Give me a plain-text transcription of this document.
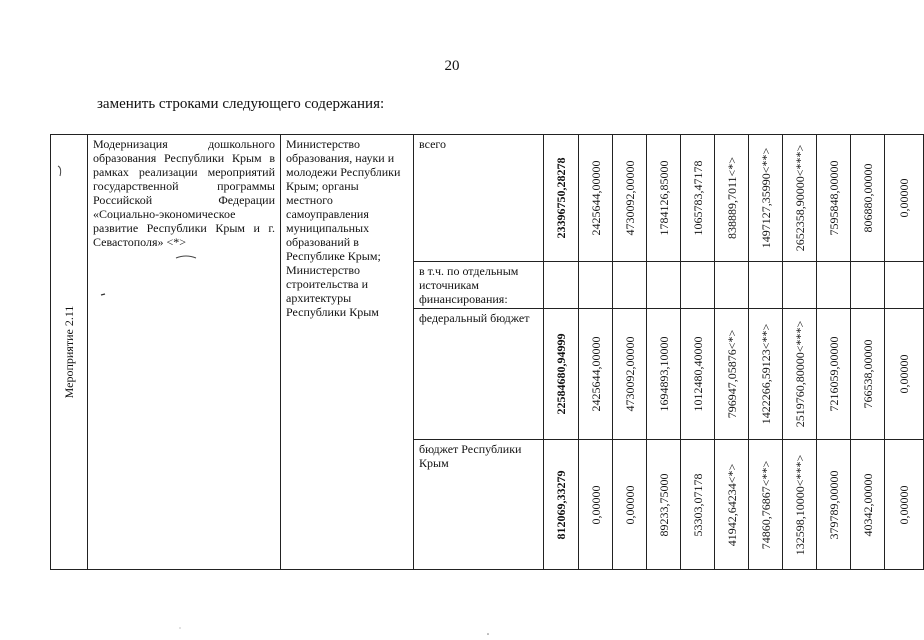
20
заменить строками следующего содержания:
Мероприятие 2.11	Модернизация дошкольного образования Республики Крым в рамках реализации мероприятий государственной программы Российской Федерации «Социально-экономическое развитие Республики Крым и г. Севастополя» <*>	Министерство образования, науки и молодежи Республики Крым; органы местного самоуправления муниципальных образований в Республике Крым; Министерство строительства и архитектуры Республики Крым	всего	23396750,28278	2425644,00000	4730092,00000	1784126,85000	1065783,47178	838889,7011<*>	1497127,35990<**>	2652358,90000<***>	7595848,00000	806880,00000	0,00000

			в т.ч. по отдельным источникам финансирования:											
			федеральный бюджет	22584680,94999	2425644,00000	4730092,00000	1694893,10000	1012480,40000	796947,05876<*>	1422266,59123<**>	2519760,80000<***>	7216059,00000	766538,00000	0,00000

			бюджет Республики Крым	812069,33279	0,00000	0,00000	89233,75000	53303,07178	41942,64234<*>	74860,76867<**>	132598,10000<***>	379789,00000	40342,00000	0,00000
